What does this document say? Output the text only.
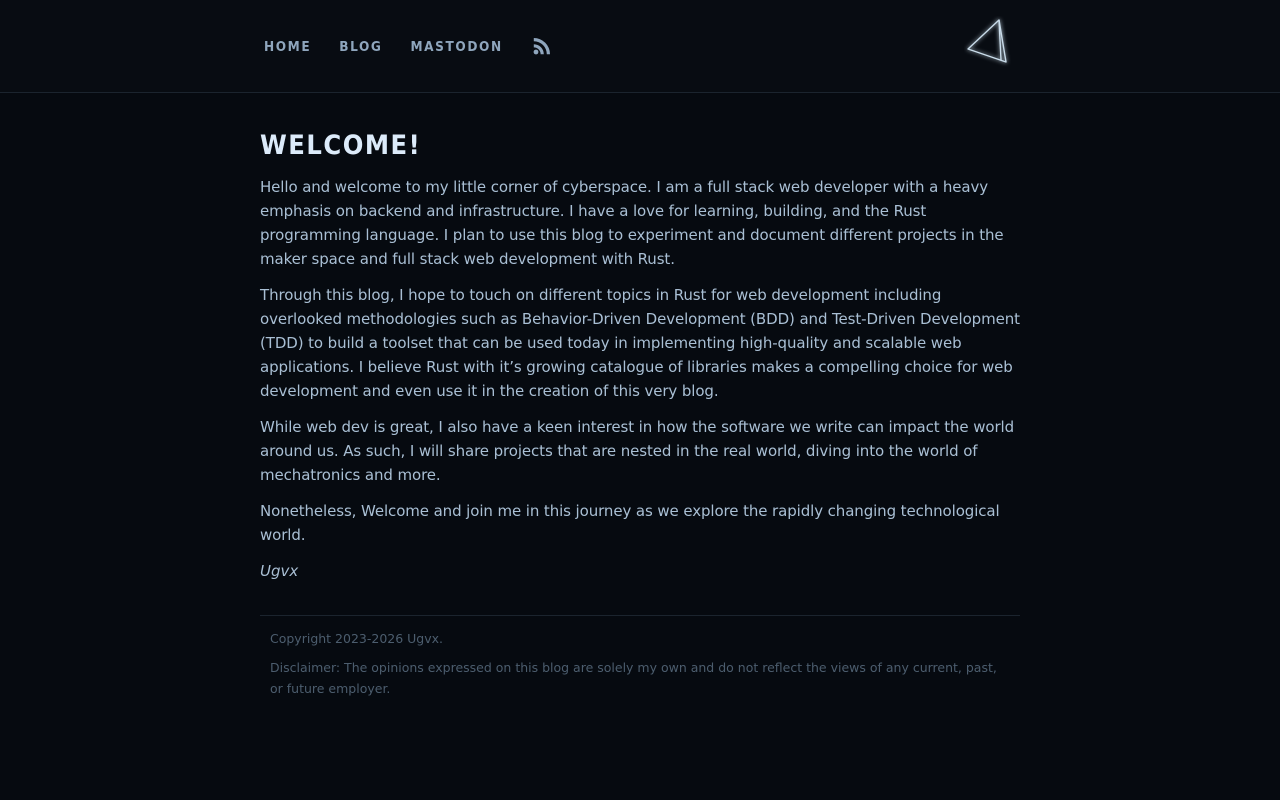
HOME BLOG MASTODON
WELCOME!

Hello and welcome to my little corner of cyberspace. I am a full stack web developer with a heavy emphasis on backend and infrastructure. I have a love for learning, building, and the Rust programming language. I plan to use this blog to experiment and document different projects in the maker space and full stack web development with Rust.

Through this blog, I hope to touch on different topics in Rust for web development including overlooked methodologies such as Behavior-Driven Development (BDD) and Test-Driven Development (TDD) to build a toolset that can be used today in implementing high-quality and scalable web applications. I believe Rust with it’s growing catalogue of libraries makes a compelling choice for web development and even use it in the creation of this very blog.

While web dev is great, I also have a keen interest in how the software we write can impact the world around us. As such, I will share projects that are nested in the real world, diving into the world of mechatronics and more.

Nonetheless, Welcome and join me in this journey as we explore the rapidly changing technological world.

Ugvx

Copyright 2023-2026 Ugvx.

Disclaimer: The opinions expressed on this blog are solely my own and do not reflect the views of any current, past, or future employer.
